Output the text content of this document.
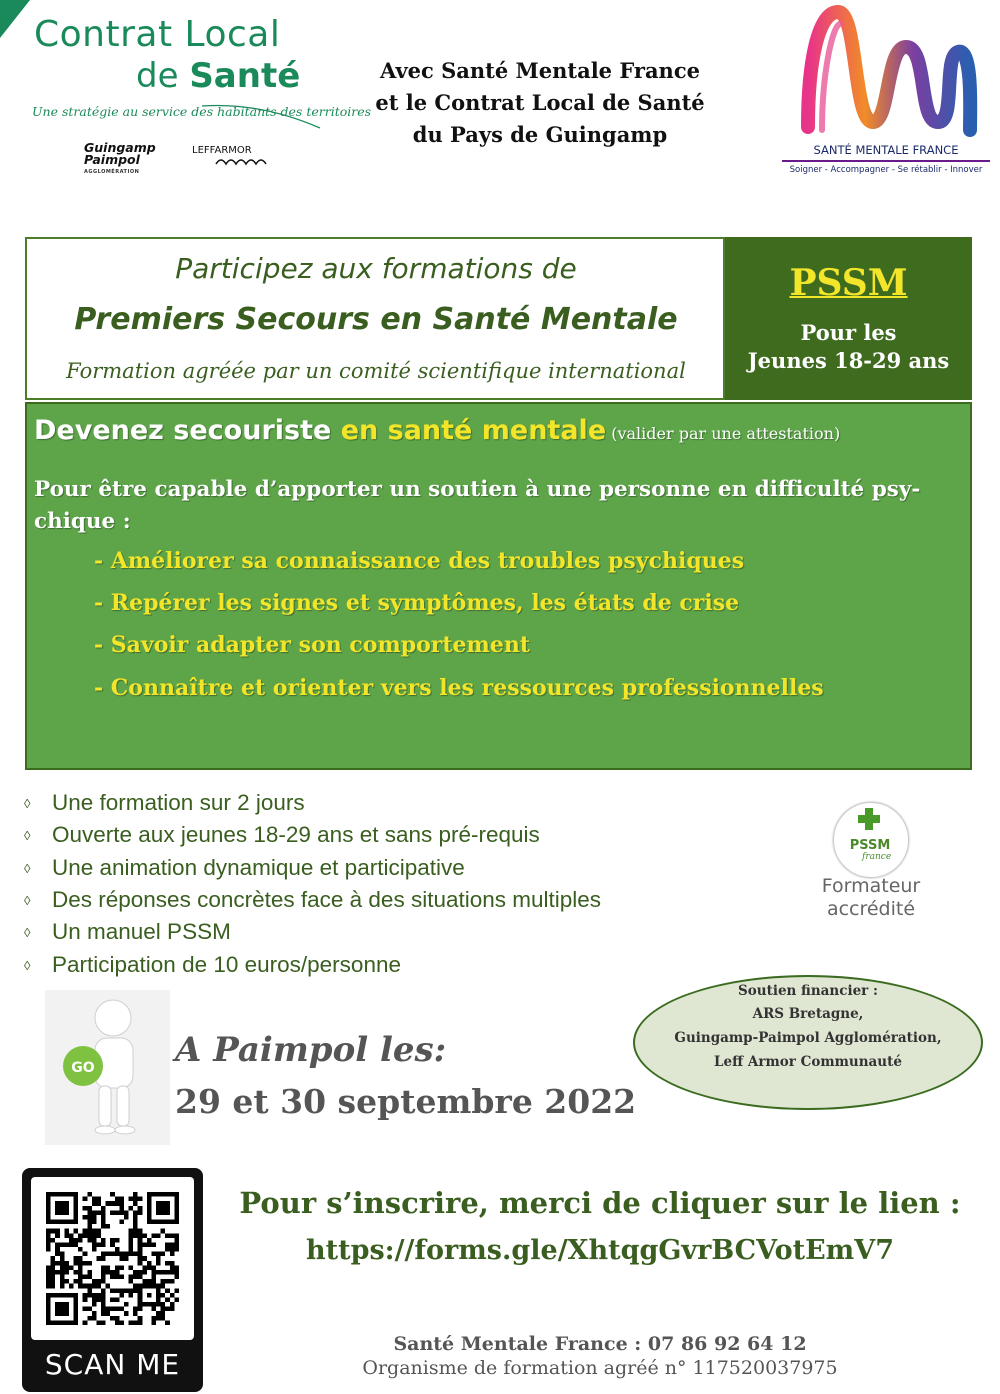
Contrat Local
de Santé
Une stratégie au service des habitants des territoires
Guingamp
Paimpol
AGGLOMÉRATION
LEFFARMOR
Avec Santé Mentale France
et le Contrat Local de Santé
du Pays de Guingamp
SANTÉ MENTALE FRANCE
Soigner - Accompagner - Se rétablir - Innover
Participez aux formations de
Premiers Secours en Santé Mentale
Formation agréée par un comité scientifique international
PSSM
Pour les
Jeunes 18-29 ans
Devenez secouriste en santé mentale (valider par une attestation)
Pour être capable d’apporter un soutien à une personne en difficulté psy-chique :
- Améliorer sa connaissance des troubles psychiques
- Repérer les signes et symptômes, les états de crise
- Savoir adapter son comportement
- Connaître et orienter vers les ressources professionnelles
◊ Une formation sur 2 jours
◊ Ouverte aux jeunes 18-29 ans et sans pré-requis
◊ Une animation dynamique et participative
◊ Des réponses concrètes face à des situations multiples
◊ Un manuel PSSM
◊ Participation de 10 euros/personne
PSSM
france
Formateur
accrédité
Soutien financier :
ARS Bretagne,
Guingamp-Paimpol Agglomération,
Leff Armor Communauté
GO A Paimpol les:
29 et 30 septembre 2022
SCAN ME
Pour s’inscrire, merci de cliquer sur le lien :
https://forms.gle/XhtqgGvrBCVotEmV7
Santé Mentale France : 07 86 92 64 12
Organisme de formation agréé n° 117520037975
